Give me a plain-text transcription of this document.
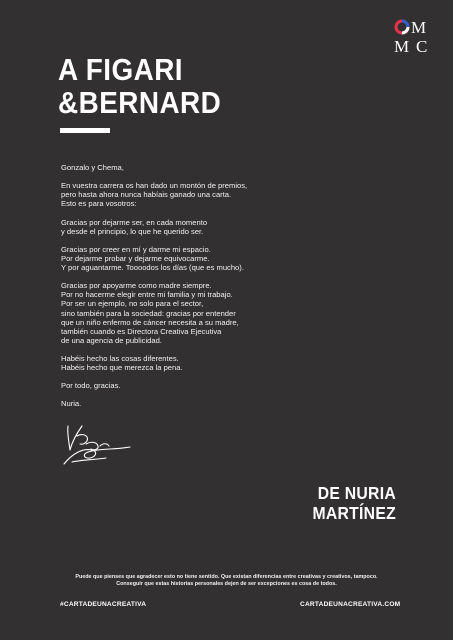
M
M C
A FIGARI
&BERNARD

Gonzalo y Chema,

En vuestra carrera os han dado un montón de premios,
pero hasta ahora nunca habíais ganado una carta.
Esto es para vosotros:

Gracias por dejarme ser, en cada momento
y desde el principio, lo que he querido ser.

Gracias por creer en mí y darme mi espacio.
Por dejarme probar y dejarme equivocarme.
Y por aguantarme. Toooodos los días (que es mucho).

Gracias por apoyarme como madre siempre.
Por no hacerme elegir entre mi familia y mi trabajo.
Por ser un ejemplo, no solo para el sector,
sino también para la sociedad: gracias por entender
que un niño enfermo de cáncer necesita a su madre,
también cuando es Directora Creativa Ejecutiva
de una agencia de publicidad.

Habéis hecho las cosas diferentes.
Habéis hecho que merezca la pena.

Por todo, gracias.

Nuria.

DE NURIA
MARTÍNEZ
Puede que pienses que agradecer esto no tiene sentido. Que existan diferencias entre creativas y creativos, tampoco.
Conseguir que estas historias personales dejen de ser excepciones es cosa de todos.
#CARTADEUNACREATIVA	CARTADEUNACREATIVA.COM
